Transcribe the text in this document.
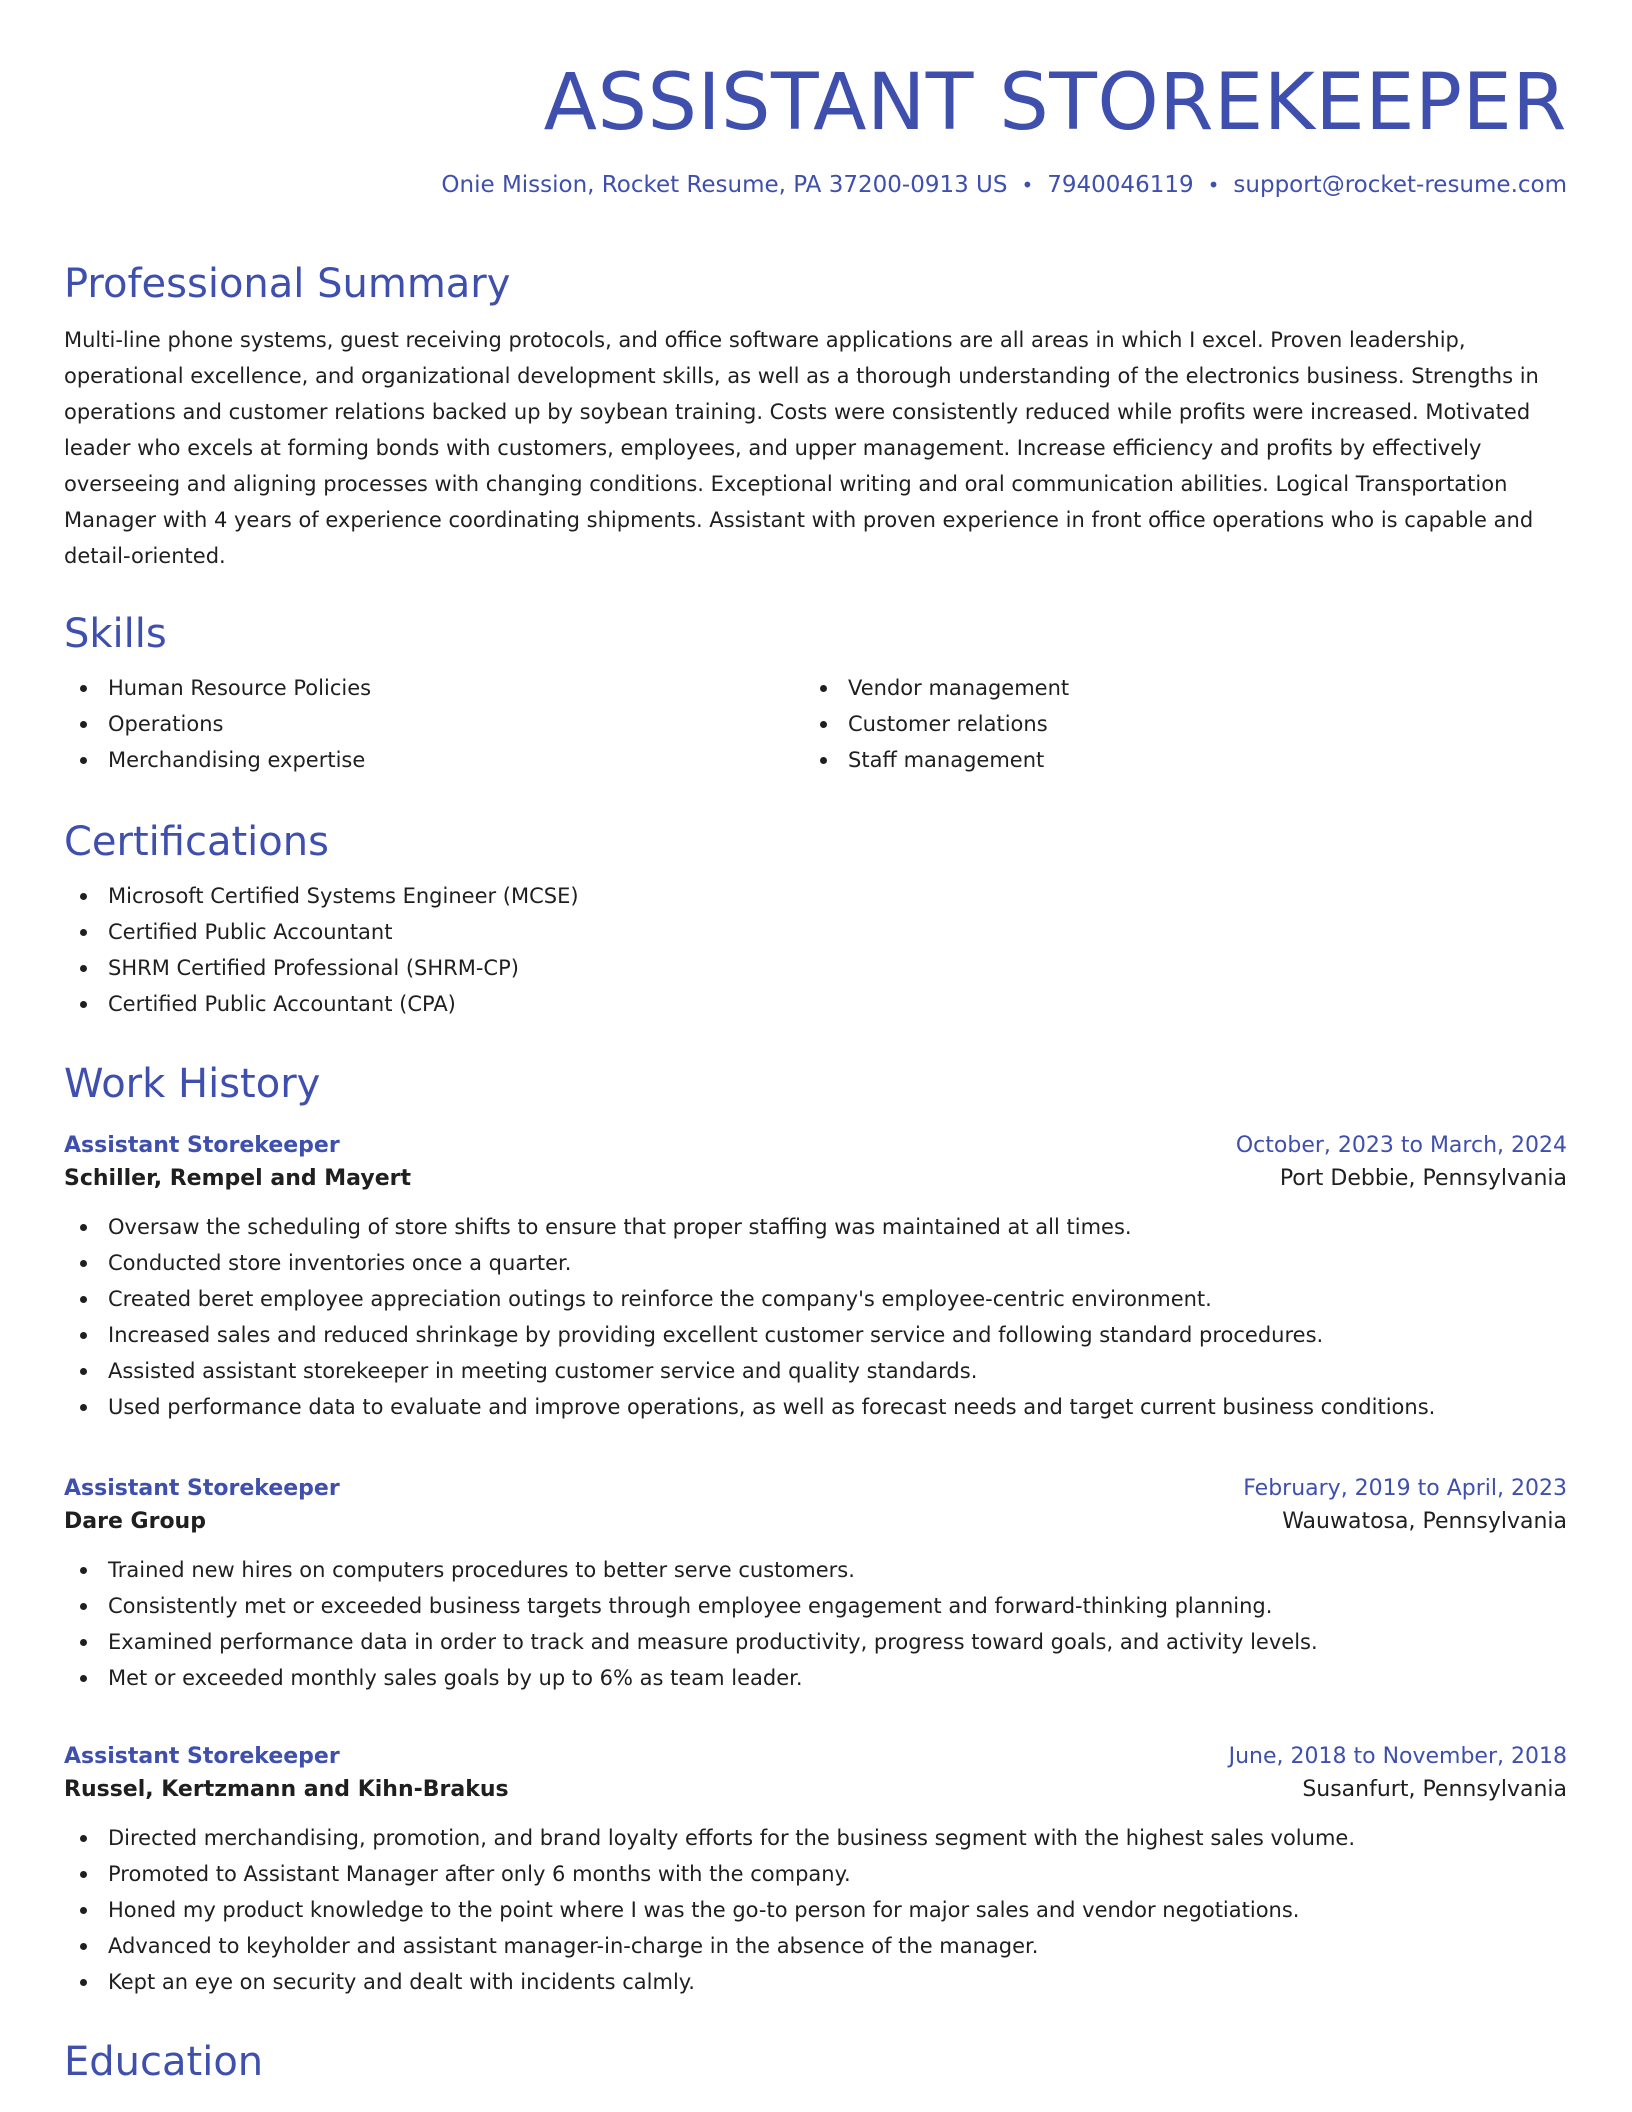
ASSISTANT STOREKEEPER
Onie Mission, Rocket Resume, PA 37200-0913 US • 7940046119 • support@rocket-resume.com
Professional Summary

Multi-line phone systems, guest receiving protocols, and office software applications are all areas in which I excel. Proven leadership, operational excellence, and organizational development skills, as well as a thorough understanding of the electronics business. Strengths in operations and customer relations backed up by soybean training. Costs were consistently reduced while profits were increased. Motivated leader who excels at forming bonds with customers, employees, and upper management. Increase efficiency and profits by effectively overseeing and aligning processes with changing conditions. Exceptional writing and oral communication abilities. Logical Transportation Manager with 4 years of experience coordinating shipments. Assistant with proven experience in front office operations who is capable and detail-oriented.

Skills
Human Resource Policies
Operations
Merchandising expertise
Vendor management
Customer relations
Staff management
Certifications
Microsoft Certified Systems Engineer (MCSE)
Certified Public Accountant
SHRM Certified Professional (SHRM-CP)
Certified Public Accountant (CPA)
Work History
Assistant Storekeeper	October, 2023 to March, 2024
Schiller, Rempel and Mayert	Port Debbie, Pennsylvania
Oversaw the scheduling of store shifts to ensure that proper staffing was maintained at all times.
Conducted store inventories once a quarter.
Created beret employee appreciation outings to reinforce the company's employee-centric environment.
Increased sales and reduced shrinkage by providing excellent customer service and following standard procedures.
Assisted assistant storekeeper in meeting customer service and quality standards.
Used performance data to evaluate and improve operations, as well as forecast needs and target current business conditions.
Assistant Storekeeper	February, 2019 to April, 2023
Dare Group	Wauwatosa, Pennsylvania
Trained new hires on computers procedures to better serve customers.
Consistently met or exceeded business targets through employee engagement and forward-thinking planning.
Examined performance data in order to track and measure productivity, progress toward goals, and activity levels.
Met or exceeded monthly sales goals by up to 6% as team leader.
Assistant Storekeeper	June, 2018 to November, 2018
Russel, Kertzmann and Kihn-Brakus	Susanfurt, Pennsylvania
Directed merchandising, promotion, and brand loyalty efforts for the business segment with the highest sales volume.
Promoted to Assistant Manager after only 6 months with the company.
Honed my product knowledge to the point where I was the go-to person for major sales and vendor negotiations.
Advanced to keyholder and assistant manager-in-charge in the absence of the manager.
Kept an eye on security and dealt with incidents calmly.
Education
